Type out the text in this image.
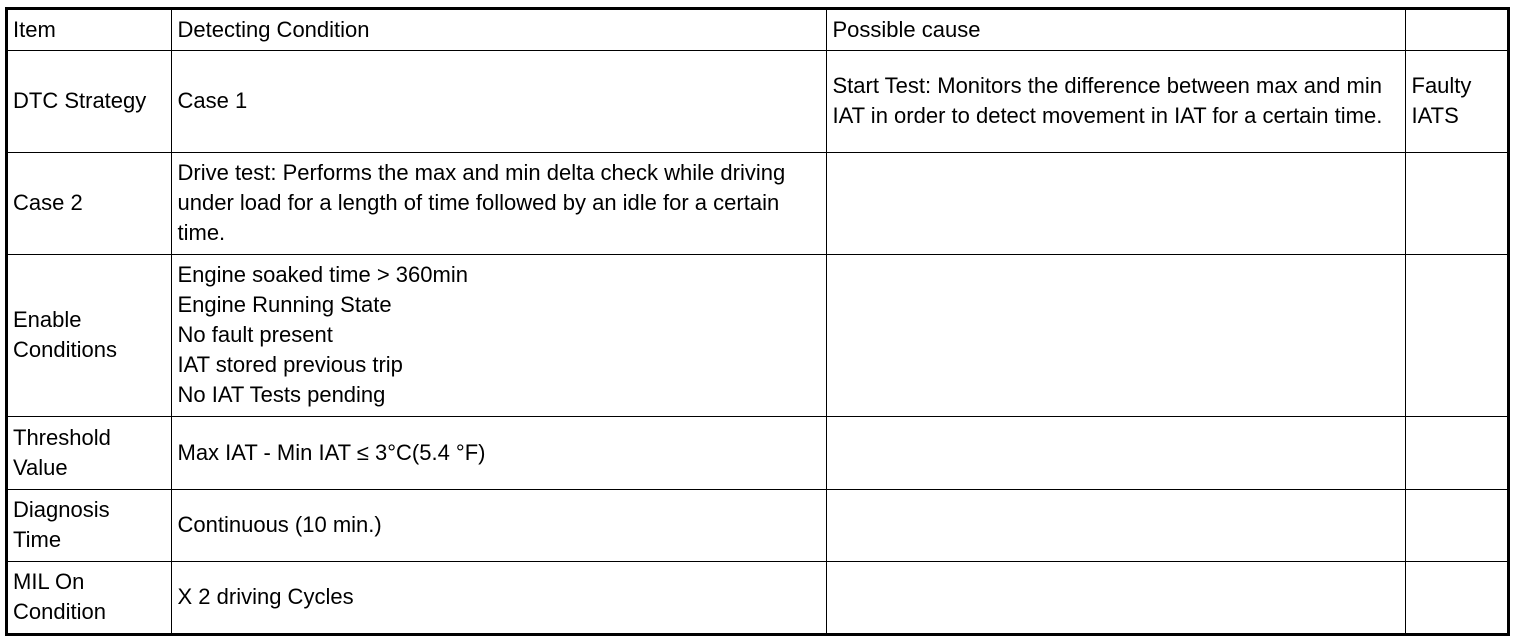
Item	Detecting Condition	Possible cause	
DTC Strategy	Case 1	Start Test: Monitors the difference between max and min IAT in order to detect movement in IAT for a certain time.	Faulty IATS

Case 2	Drive test: Performs the max and min delta check while driving under load for a length of time followed by an idle for a certain time.		

Enable Conditions	Engine soaked time > 360min
Engine Running State
No fault present
IAT stored previous trip
No IAT Tests pending		

Threshold Value	Max IAT - Min IAT ≤ 3°C(5.4 °F)		

Diagnosis Time	Continuous (10 min.)		

MIL On Condition	X 2 driving Cycles		
